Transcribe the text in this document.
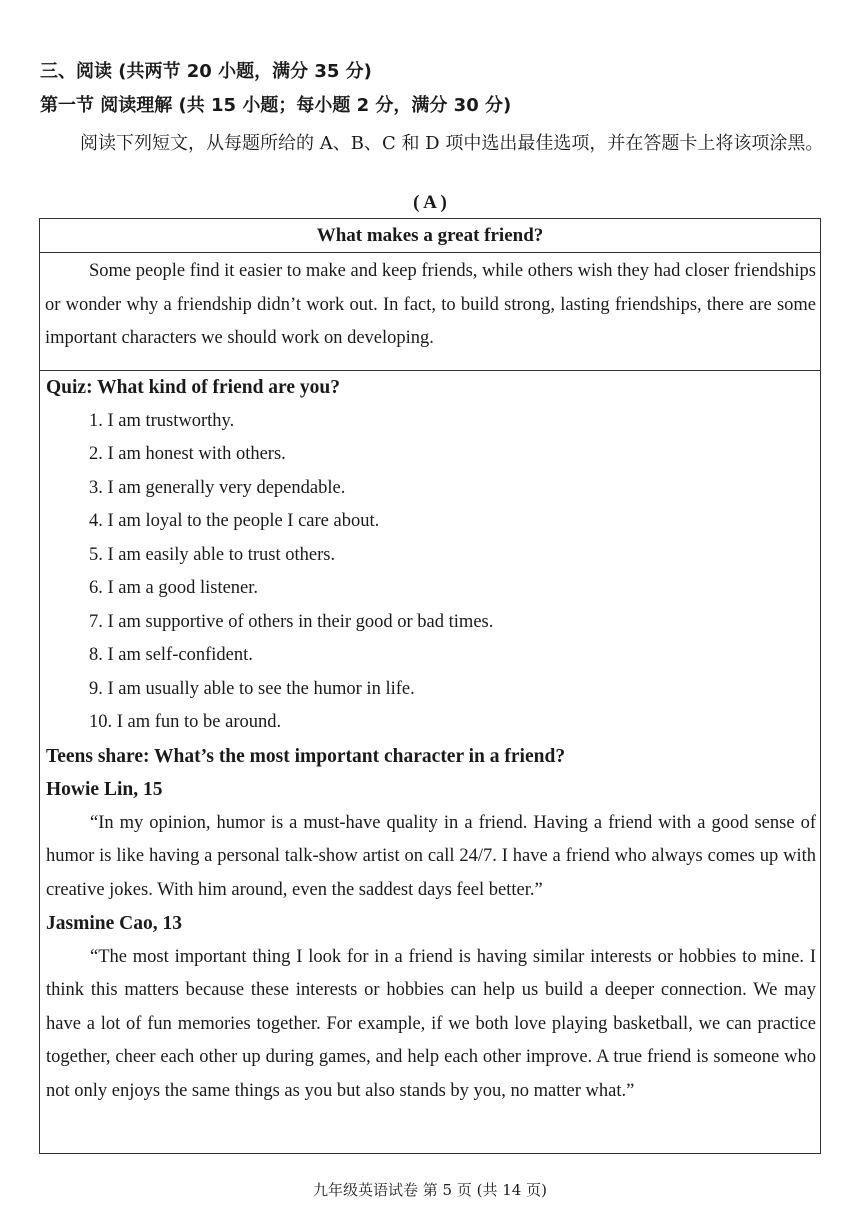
三、阅读 (共两节 20 小题，满分 35 分)
第一节 阅读理解 (共 15 小题；每小题 2 分，满分 30 分)
阅读下列短文，从每题所给的 A、B、C 和 D 项中选出最佳选项，并在答题卡上将该项涂黑。
( A )
What makes a great friend?

Some people find it easier to make and keep friends, while others wish they had closer friendships or wonder why a friendship didn’t work out. In fact, to build strong, lasting friendships, there are some important characters we should work on developing.

Quiz: What kind of friend are you?

1. I am trustworthy.
2. I am honest with others.
3. I am generally very dependable.
4. I am loyal to the people I care about.
5. I am easily able to trust others.
6. I am a good listener.
7. I am supportive of others in their good or bad times.
8. I am self-confident.
9. I am usually able to see the humor in life.
10. I am fun to be around.

Teens share: What’s the most important character in a friend?

Howie Lin, 15

“In my opinion, humor is a must-have quality in a friend. Having a friend with a good sense of humor is like having a personal talk-show artist on call 24/7. I have a friend who always comes up with creative jokes. With him around, even the saddest days feel better.”

Jasmine Cao, 13

“The most important thing I look for in a friend is having similar interests or hobbies to mine. I think this matters because these interests or hobbies can help us build a deeper connection. We may have a lot of fun memories together. For example, if we both love playing basketball, we can practice together, cheer each other up during games, and help each other improve. A true friend is someone who not only enjoys the same things as you but also stands by you, no matter what.”

九年级英语试卷 第 5 页 (共 14 页)
